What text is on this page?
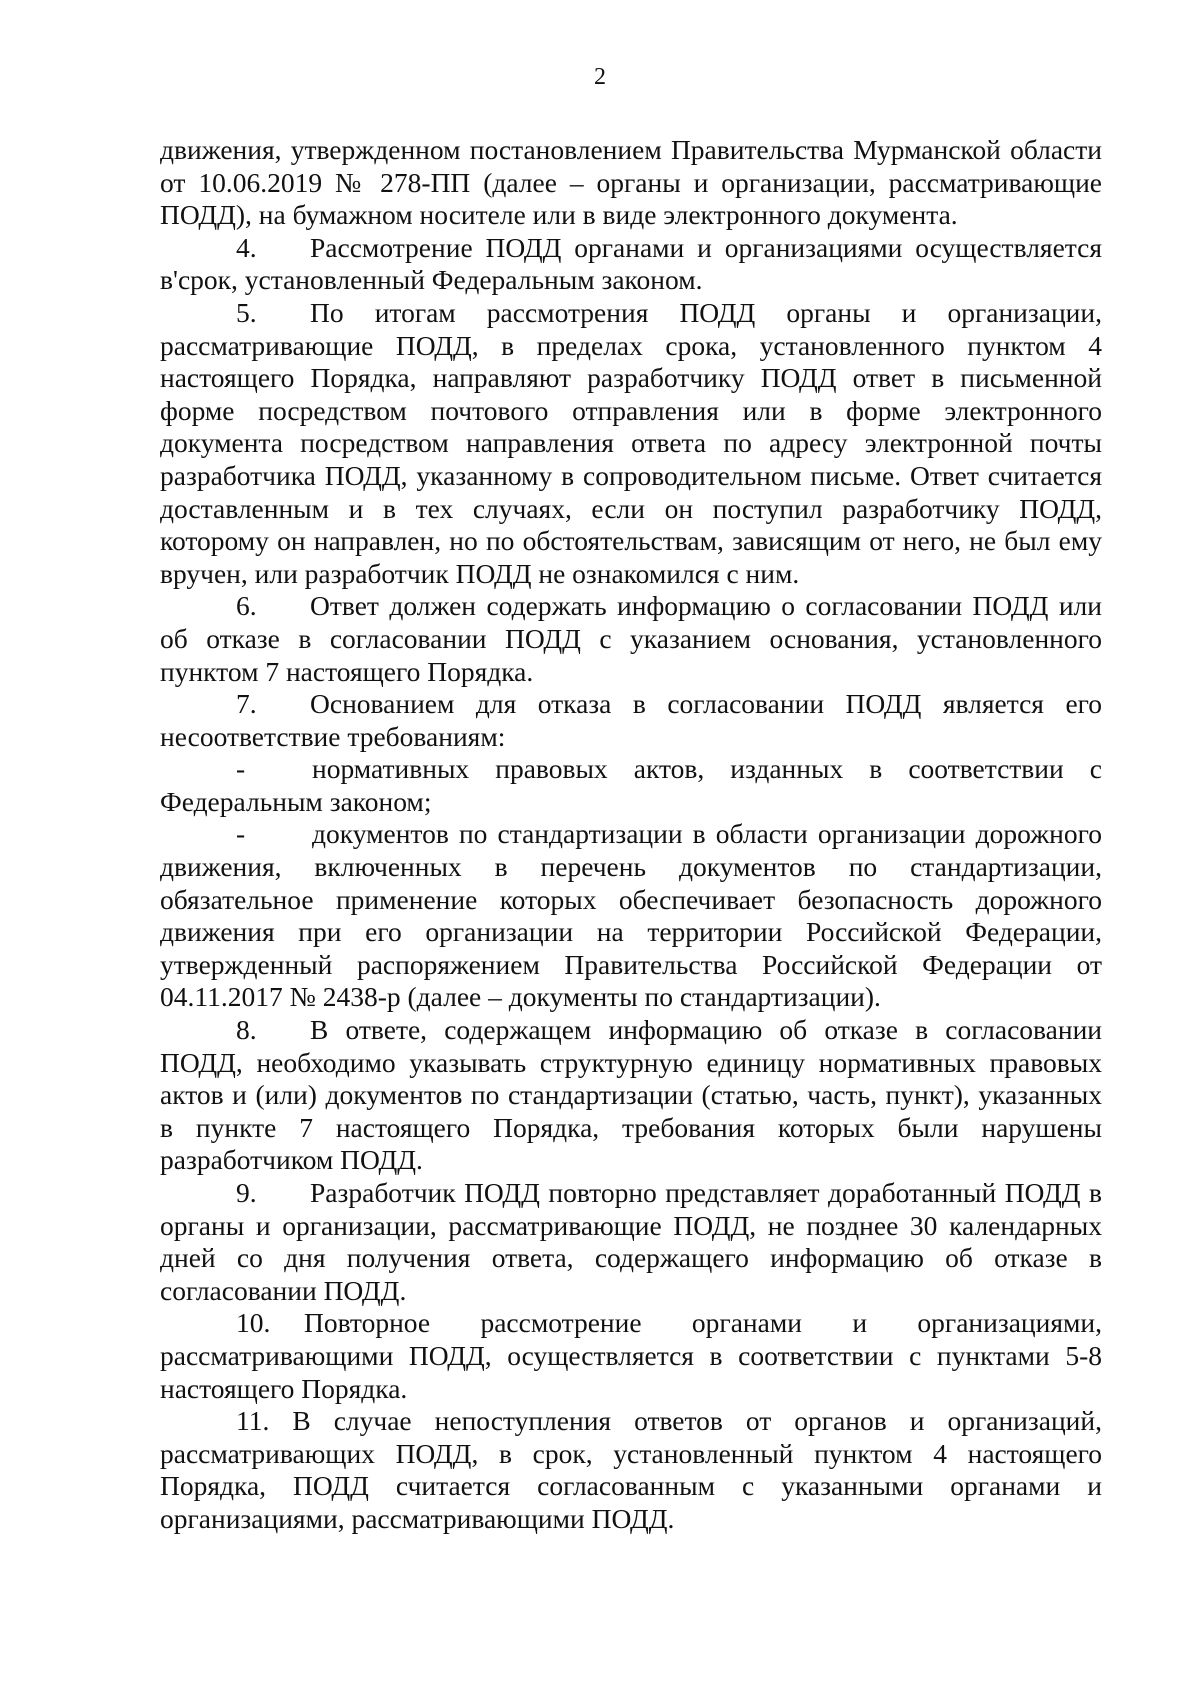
2

движения, утвержденном постановлением Правительства Мурманской области от 10.06.2019 № 278-ПП (далее – органы и организации, рассматривающие ПОДД), на бумажном носителе или в виде электронного документа.

4. Рассмотрение ПОДД органами и организациями осуществляется в'срок, установленный Федеральным законом.

5. По итогам рассмотрения ПОДД органы и организации, рассматривающие ПОДД, в пределах срока, установленного пунктом 4 настоящего Порядка, направляют разработчику ПОДД ответ в письменной форме посредством почтового отправления или в форме электронного документа посредством направления ответа по адресу электронной почты разработчика ПОДД, указанному в сопроводительном письме. Ответ считается доставленным и в тех случаях, если он поступил разработчику ПОДД, которому он направлен, но по обстоятельствам, зависящим от него, не был ему вручен, или разработчик ПОДД не ознакомился с ним.

6. Ответ должен содержать информацию о согласовании ПОДД или об отказе в согласовании ПОДД с указанием основания, установленного пунктом 7 настоящего Порядка.

7. Основанием для отказа в согласовании ПОДД является его несоответствие требованиям:

- нормативных правовых актов, изданных в соответствии с Федеральным законом;

- документов по стандартизации в области организации дорожного движения, включенных в перечень документов по стандартизации, обязательное применение которых обеспечивает безопасность дорожного движения при его организации на территории Российской Федерации, утвержденный распоряжением Правительства Российской Федерации от 04.11.2017 № 2438-р (далее – документы по стандартизации).

8. В ответе, содержащем информацию об отказе в согласовании ПОДД, необходимо указывать структурную единицу нормативных правовых актов и (или) документов по стандартизации (статью, часть, пункт), указанных в пункте 7 настоящего Порядка, требования которых были нарушены разработчиком ПОДД.

9. Разработчик ПОДД повторно представляет доработанный ПОДД в органы и организации, рассматривающие ПОДД, не позднее 30 календарных дней со дня получения ответа, содержащего информацию об отказе в согласовании ПОДД.

10. Повторное рассмотрение органами и организациями, рассматривающими ПОДД, осуществляется в соответствии с пунктами 5-8 настоящего Порядка.

11. В случае непоступления ответов от органов и организаций, рассматривающих ПОДД, в срок, установленный пунктом 4 настоящего Порядка, ПОДД считается согласованным с указанными органами и организациями, рассматривающими ПОДД.
